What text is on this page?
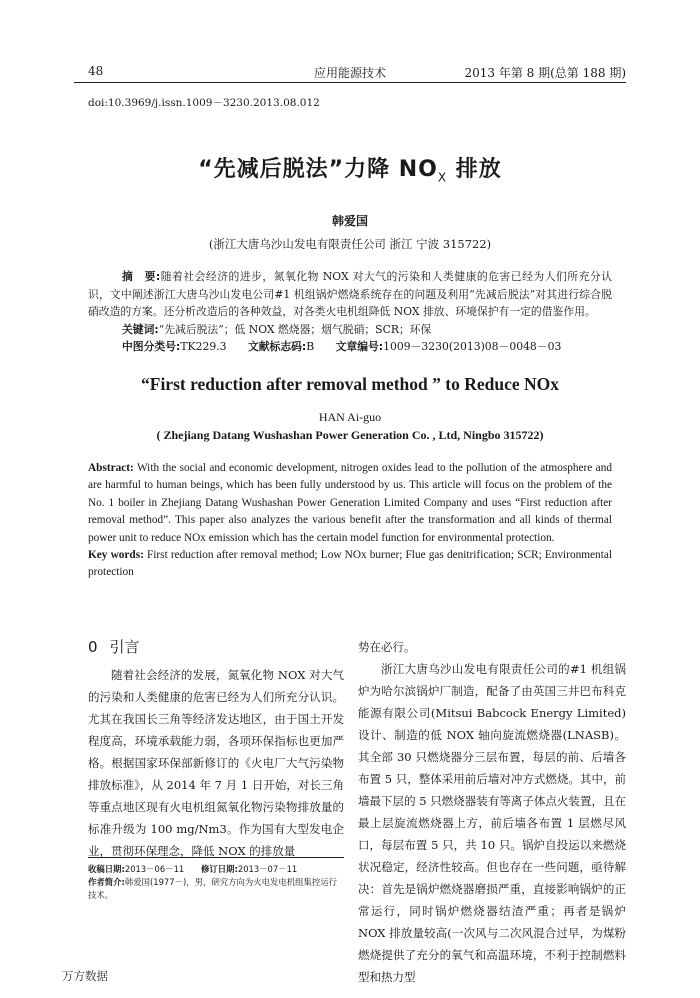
48	应用能源技术	2013 年第 8 期(总第 188 期)
doi:10.3969/j.issn.1009－3230.2013.08.012
“先减后脱法”力降 $NO_X$ 排放
韩爱国
(浙江大唐乌沙山发电有限责任公司 浙江 宁波 315722)

摘　要:随着社会经济的进步，氮氧化物 NOX 对大气的污染和人类健康的危害已经为人们所充分认识，文中阐述浙江大唐乌沙山发电公司#1 机组锅炉燃烧系统存在的问题及利用“先减后脱法”对其进行综合脱硝改造的方案。还分析改造后的各种效益，对各类火电机组降低 NOX 排放、环境保护有一定的借鉴作用。

关键词:“先减后脱法”；低 NOX 燃烧器；烟气脱硝；SCR；环保

中图分类号:TK229.3 文献标志码:B 文章编号:1009－3230(2013)08－0048－03

“First reduction after removal method ” to Reduce NOx
HAN Ai-guo
( Zhejiang Datang Wushashan Power Generation Co. , Ltd, Ningbo 315722)

Abstract: With the social and economic development, nitrogen oxides lead to the pollution of the atmosphere and are harmful to human beings, which has been fully understood by us. This article will focus on the problem of the No. 1 boiler in Zhejiang Datang Wushashan Power Generation Limited Company and uses “First reduction after removal method”. This paper also analyzes the various benefit after the transformation and all kinds of thermal power unit to reduce NOx emission which has the certain model function for environmental protection.

Key words: First reduction after removal method; Low NOx burner; Flue gas denitrification; SCR; Environmental protection

0 引言

随着社会经济的发展，氮氧化物 NOX 对大气的污染和人类健康的危害已经为人们所充分认识。尤其在我国长三角等经济发达地区，由于国土开发程度高，环境承载能力弱，各项环保指标也更加严格。根据国家环保部新修订的《火电厂大气污染物排放标准》，从 2014 年 7 月 1 日开始，对长三角等重点地区现有火电机组氮氧化物污染物排放量的标准升级为 100 mg/Nm3。作为国有大型发电企业，贯彻环保理念，降低 NOX 的排放量

收稿日期:2013－06－11　　 修订日期:2013－07－11

作者简介:韩爱国(1977－)，男，研究方向为火电发电机组集控运行技术。

势在必行。

浙江大唐乌沙山发电有限责任公司的#1 机组锅炉为哈尔滨锅炉厂制造，配备了由英国三井巴布科克能源有限公司(Mitsui Babcock Energy Limited)设计、制造的低 NOX 轴向旋流燃烧器(LNASB)。其全部 30 只燃烧器分三层布置，每层的前、后墙各布置 5 只，整体采用前后墙对冲方式燃烧。其中，前墙最下层的 5 只燃烧器装有等离子体点火装置，且在最上层旋流燃烧器上方，前后墙各布置 1 层燃尽风口，每层布置 5 只，共 10 只。锅炉自投运以来燃烧状况稳定，经济性较高。但也存在一些问题，亟待解决：首先是锅炉燃烧器磨损严重，直接影响锅炉的正常运行，同时锅炉燃烧器结渣严重；再者是锅炉 NOX 排放量较高(一次风与二次风混合过早，为煤粉燃烧提供了充分的氧气和高温环境，不利于控制燃料型和热力型

万方数据
